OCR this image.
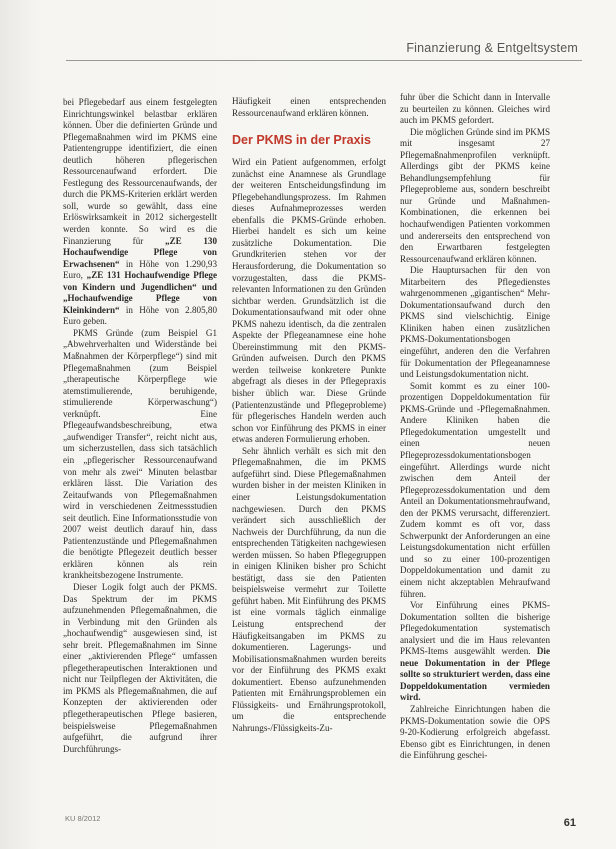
Finanzierung & Entgeltsystem

bei Pflegebedarf aus einem festgelegten Einrichtungswinkel belastbar erklären können. Über die definierten Gründe und Pflegemaßnahmen wird im PKMS eine Patientengruppe identifiziert, die einen deutlich höheren pflegerischen Ressourcenaufwand erfordert. Die Festlegung des Ressourcenaufwands, der durch die PKMS-Kriterien erklärt werden soll, wurde so gewählt, dass eine Erlöswirksamkeit in 2012 sichergestellt werden konnte. So wird es die Finanzierung für „ZE 130 Hochaufwendige Pflege von Erwachsenen“ in Höhe von 1.290,93 Euro, „ZE 131 Hochaufwendige Pflege von Kindern und Jugendlichen“ und „Hochaufwendige Pflege von Kleinkindern“ in Höhe von 2.805,80 Euro geben.

PKMS Gründe (zum Beispiel G1 „Abwehrverhalten und Widerstände bei Maßnahmen der Körperpflege“) sind mit Pflegemaßnahmen (zum Beispiel „therapeutische Körperpflege wie atemstimulierende, beruhigende, stimulierende Körperwaschung“) verknüpft. Eine Pflegeaufwandsbeschreibung, etwa „aufwendiger Transfer“, reicht nicht aus, um sicherzustellen, dass sich tatsächlich ein „pflegerischer Ressourcenaufwand von mehr als zwei“ Minuten belastbar erklären lässt. Die Variation des Zeitaufwands von Pflegemaßnahmen wird in verschiedenen Zeitmessstudien seit deutlich. Eine Informationsstudie von 2007 weist deutlich darauf hin, dass Patientenzustände und Pflegemaßnahmen die benötigte Pflegezeit deutlich besser erklären können als rein krankheitsbezogene Instrumente.

Dieser Logik folgt auch der PKMS. Das Spektrum der im PKMS aufzunehmenden Pflegemaßnahmen, die in Verbindung mit den Gründen als „hochaufwendig“ ausgewiesen sind, ist sehr breit. Pflegemaßnahmen im Sinne einer „aktivierenden Pflege“ umfassen pflegetherapeutischen Interaktionen und nicht nur Teilpflegen der Aktivitäten, die im PKMS als Pflegemaßnahmen, die auf Konzepten der aktivierenden oder pflegetherapeutischen Pflege basieren, beispielsweise Pflegemaßnahmen aufgeführt, die aufgrund ihrer Durchführungs-

Häufigkeit einen entsprechenden Ressourcenaufwand erklären können.

Der PKMS in der Praxis

Wird ein Patient aufgenommen, erfolgt zunächst eine Anamnese als Grundlage der weiteren Entscheidungsfindung im Pflegebehandlungsprozess. Im Rahmen dieses Aufnahmeprozesses werden ebenfalls die PKMS-Gründe erhoben. Hierbei handelt es sich um keine zusätzliche Dokumentation. Die Grundkriterien stehen vor der Herausforderung, die Dokumentation so vorzugestalten, dass die PKMS-relevanten Informationen zu den Gründen sichtbar werden. Grundsätzlich ist die Dokumentationsaufwand mit oder ohne PKMS nahezu identisch, da die zentralen Aspekte der Pflegeanamnese eine hohe Übereinstimmung mit den PKMS-Gründen aufweisen. Durch den PKMS werden teilweise konkretere Punkte abgefragt als dieses in der Pflegepraxis bisher üblich war. Diese Gründe (Patientenzustände und Pflegeprobleme) für pflegerisches Handeln werden auch schon vor Einführung des PKMS in einer etwas anderen Formulierung erhoben.

Sehr ähnlich verhält es sich mit den Pflegemaßnahmen, die im PKMS aufgeführt sind. Diese Pflegemaßnahmen wurden bisher in der meisten Kliniken in einer Leistungsdokumentation nachgewiesen. Durch den PKMS verändert sich ausschließlich der Nachweis der Durchführung, da nun die entsprechenden Tätigkeiten nachgewiesen werden müssen. So haben Pflegegruppen in einigen Kliniken bisher pro Schicht bestätigt, dass sie den Patienten beispielsweise vermehrt zur Toilette geführt haben. Mit Einführung des PKMS ist eine vormals täglich einmalige Leistung entsprechend der Häufigkeitsangaben im PKMS zu dokumentieren. Lagerungs- und Mobilisationsmaßnahmen wurden bereits vor der Einführung des PKMS exakt dokumentiert. Ebenso aufzunehmenden Patienten mit Ernährungsproblemen ein Flüssigkeits- und Ernährungsprotokoll, um die entsprechende Nahrungs-/Flüssigkeits-Zu-

fuhr über die Schicht dann in Intervalle zu beurteilen zu können. Gleiches wird auch im PKMS gefordert.

Die möglichen Gründe sind im PKMS mit insgesamt 27 Pflegemaßnahmenprofilen verknüpft. Allerdings gibt der PKMS keine Behandlungsempfehlung für Pflegeprobleme aus, sondern beschreibt nur Gründe und Maßnahmen-Kombinationen, die erkennen bei hochaufwendigen Patienten vorkommen und andererseits den entsprechend von den Erwartbaren festgelegten Ressourcenaufwand erklären können.

Die Hauptursachen für den von Mitarbeitern des Pflegedienstes wahrgenommenen „gigantischen“ Mehr-Dokumentationsaufwand durch den PKMS sind vielschichtig. Einige Kliniken haben einen zusätzlichen PKMS-Dokumentationsbogen eingeführt, anderen den die Verfahren für Dokumentation der Pflegeanamnese und Leistungsdokumentation nicht.

Somit kommt es zu einer 100-prozentigen Doppeldokumentation für PKMS-Gründe und -Pflegemaßnahmen. Andere Kliniken haben die Pflegedokumentation umgestellt und einen neuen Pflegeprozessdokumentationsbogen eingeführt. Allerdings wurde nicht zwischen dem Anteil der Pflegeprozessdokumentation und dem Anteil an Dokumentationsmehraufwand, den der PKMS verursacht, differenziert. Zudem kommt es oft vor, dass Schwerpunkt der Anforderungen an eine Leistungsdokumentation nicht erfüllen und so zu einer 100-prozentigen Doppeldokumentation und damit zu einem nicht akzeptablen Mehraufwand führen.

Vor Einführung eines PKMS-Dokumentation sollten die bisherige Pflegedokumentation systematisch analysiert und die im Haus relevanten PKMS-Items ausgewählt werden. Die neue Dokumentation in der Pflege sollte so strukturiert werden, dass eine Doppeldokumentation vermieden wird.

Zahlreiche Einrichtungen haben die PKMS-Dokumentation sowie die OPS 9-20-Kodierung erfolgreich abgefasst. Ebenso gibt es Einrichtungen, in denen die Einführung geschei-

KU 8/2012	61
